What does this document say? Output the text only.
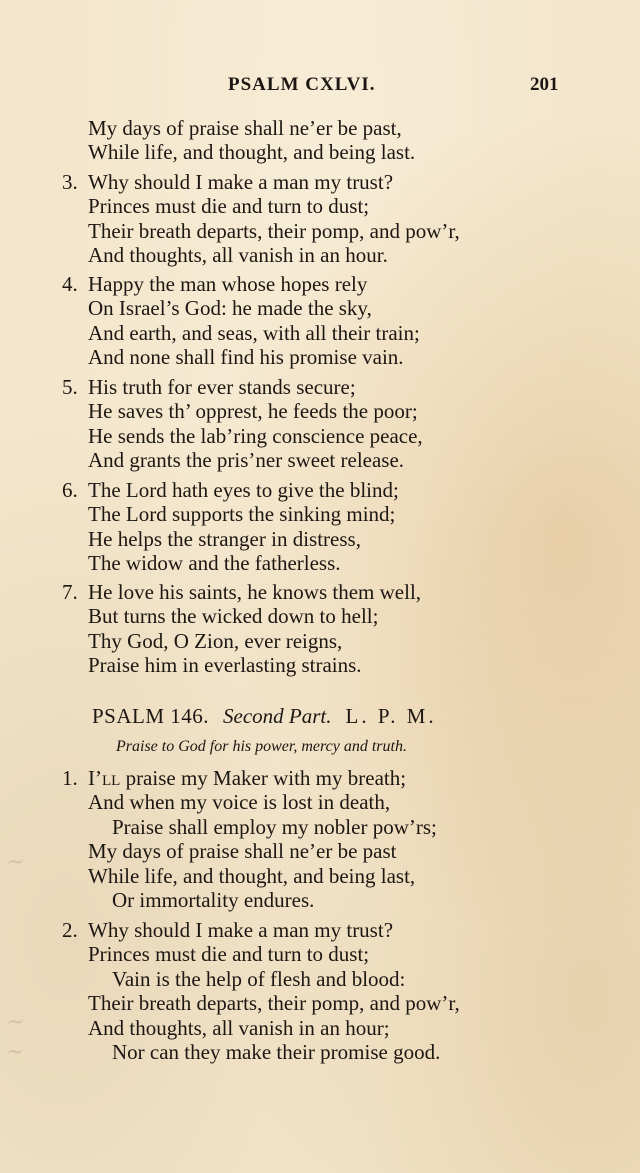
PSALM CXLVI.	201
My days of praise shall ne’er be past,
While life, and thought, and being last.
3. Why should I make a man my trust?
Princes must die and turn to dust;
Their breath departs, their pomp, and pow’r,
And thoughts, all vanish in an hour.
4. Happy the man whose hopes rely
On Israel’s God: he made the sky,
And earth, and seas, with all their train;
And none shall find his promise vain.
5. His truth for ever stands secure;
He saves th’ opprest, he feeds the poor;
He sends the lab’ring conscience peace,
And grants the pris’ner sweet release.
6. The Lord hath eyes to give the blind;
The Lord supports the sinking mind;
He helps the stranger in distress,
The widow and the fatherless.
7. He love his saints, he knows them well,
But turns the wicked down to hell;
Thy God, O Zion, ever reigns,
Praise him in everlasting strains.
PSALM 146. Second Part. L. P. M.
Praise to God for his power, mercy and truth.
1. I’ll praise my Maker with my breath;
And when my voice is lost in death,
Praise shall employ my nobler pow’rs;
My days of praise shall ne’er be past
While life, and thought, and being last,
Or immortality endures.
2. Why should I make a man my trust?
Princes must die and turn to dust;
Vain is the help of flesh and blood:
Their breath departs, their pomp, and pow’r,
And thoughts, all vanish in an hour;
Nor can they make their promise good.
~
~
~
